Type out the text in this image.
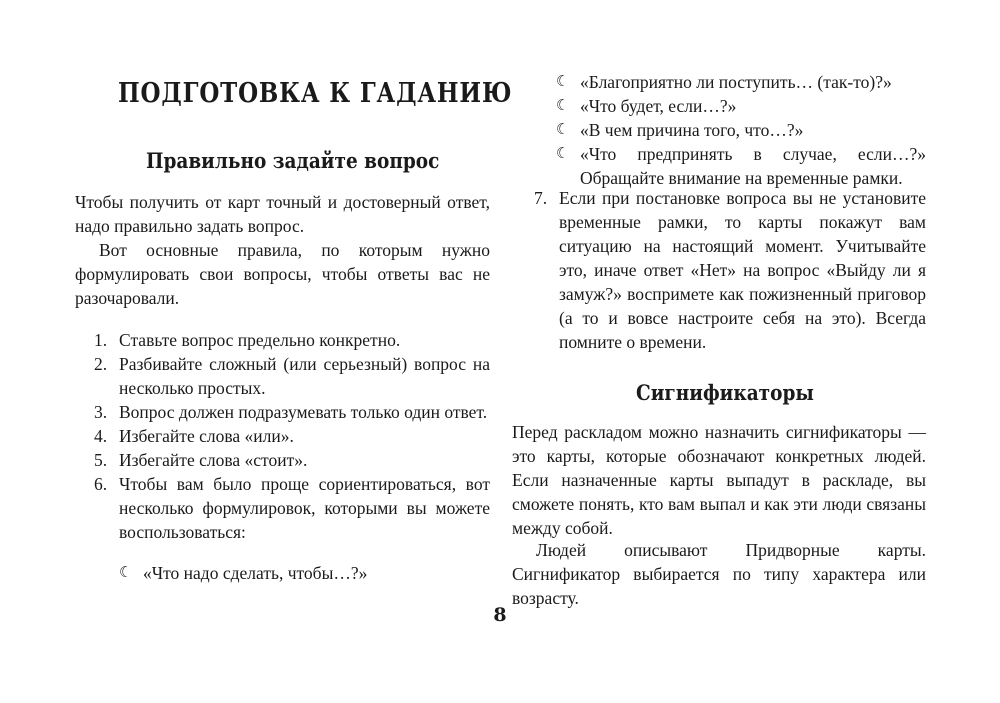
ПОДГОТОВКА К ГАДАНИЮ
Правильно задайте вопрос

Чтобы получить от карт точный и достоверный ответ, надо правильно задать вопрос.

Вот основные правила, по которым нужно формулировать свои вопросы, чтобы ответы вас не разочаровали.

1. Ставьте вопрос предельно конкретно.
2. Разбивайте сложный (или серьезный) вопрос на несколько простых.
3. Вопрос должен подразумевать только один ответ.
4. Избегайте слова «или».
5. Избегайте слова «стоит».
6. Чтобы вам было проще сориентироваться, вот несколько формулировок, которыми вы можете воспользоваться:
☾ «Что надо сделать, чтобы…?»
☾ «Благоприятно ли поступить… (так-то)?»
☾ «Что будет, если…?»
☾ «В чем причина того, что…?»
☾ «Что предпринять в случае, если…?» Обращайте внимание на временные рамки.
7. Если при постановке вопроса вы не установите временные рамки, то карты покажут вам ситуацию на настоящий момент. Учитывайте это, иначе ответ «Нет» на вопрос «Выйду ли я замуж?» воспримете как пожизненный приговор (а то и вовсе настроите себя на это). Всегда помните о времени.
Сигнификаторы

Перед раскладом можно назначить сигнификаторы — это карты, которые обозначают конкретных людей. Если назначенные карты выпадут в раскладе, вы сможете понять, кто вам выпал и как эти люди связаны между собой.

Людей описывают Придворные карты. Сигнификатор выбирается по типу характера или возрасту.

8
